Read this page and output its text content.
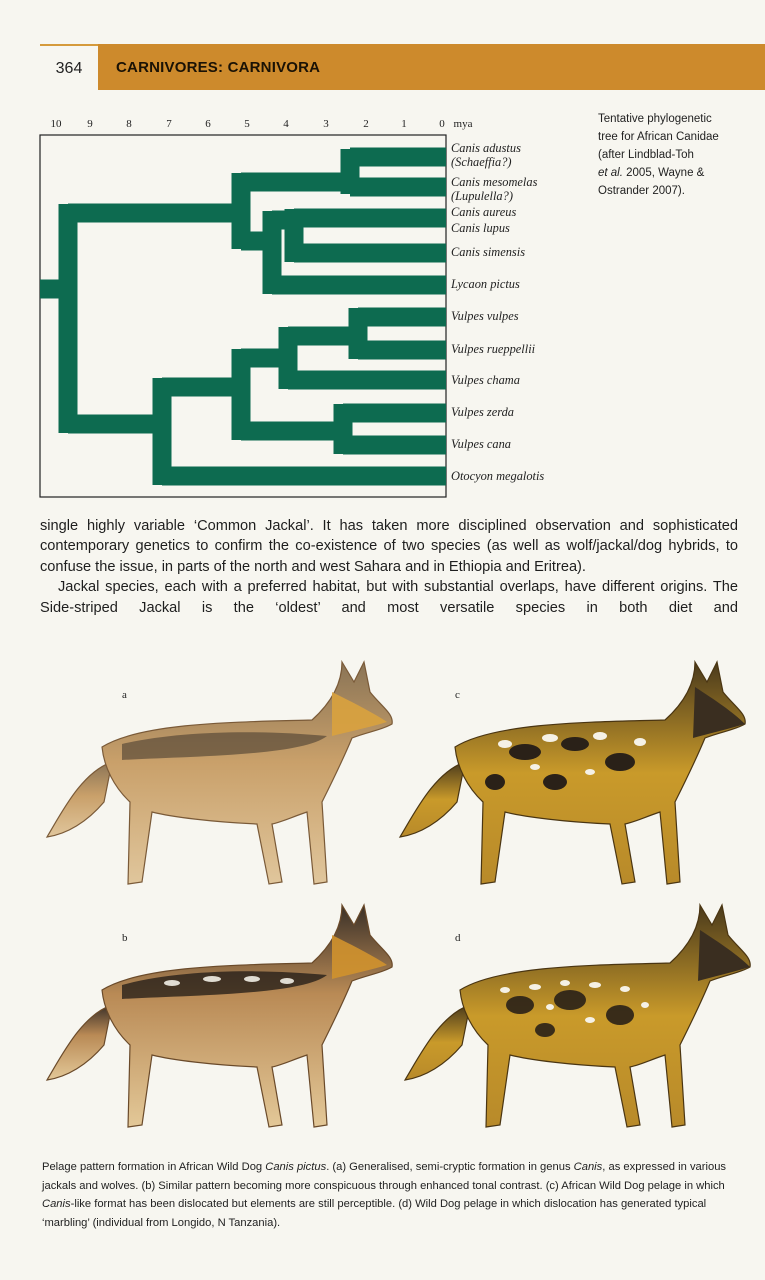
364	CARNIVORES: CARNIVORA
10 9	8	7	6	5	4	3	2	1	0 mya
Canis adustus
(Schaeffia?)
Canis mesomelas
(Lupulella?)
Canis aureus
Canis lupus
Canis simensis
Lycaon pictus
Vulpes vulpes
Vulpes rueppellii
Vulpes chama
Vulpes zerda
Vulpes cana
Otocyon megalotis
Tentative phylogenetic
tree for African Canidae
(after Lindblad-Toh
et al. 2005, Wayne &
Ostrander 2007).

single highly variable ‘Common Jackal’. It has taken more disciplined observation and sophisticated contemporary genetics to confirm the co-existence of two species (as well as wolf/jackal/dog hybrids, to confuse the issue, in parts of the north and west Sahara and in Ethiopia and Eritrea).

Jackal species, each with a preferred habitat, but with substantial overlaps, have different origins. The Side-striped Jackal is the ‘oldest’ and most versatile species in both diet and

a
b
c
d

Pelage pattern formation in African Wild Dog Canis pictus. (a) Generalised, semi-cryptic formation in genus Canis, as expressed in various jackals and wolves. (b) Similar pattern becoming more conspicuous through enhanced tonal contrast. (c) African Wild Dog pelage in which Canis-like format has been dislocated but elements are still perceptible. (d) Wild Dog pelage in which dislocation has generated typical ‘marbling’ (individual from Longido, N Tanzania).
